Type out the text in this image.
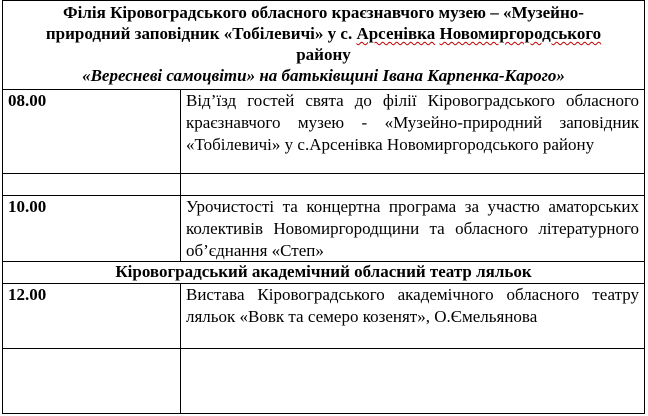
Філія Кіровоградського обласного краєзнавчого музею – «Музейно-
природний заповідник «Тобілевичі» у с. Арсенівка Новомиргородського
району
«Вересневі самоцвіти» на батьківщині Івана Карпенка-Карого»
08.00	Від’їзд гостей свята до філії Кіровоградського обласного краєзнавчого музею - «Музейно-природний заповідник «Тобілевичі» у с.Арсенівка Новомиргородського району
10.00	Урочистості та концертна програма за участю аматорських колективів Новомиргородщини та обласного літературного об’єднання «Степ»
Кіровоградський академічний обласний театр ляльок
12.00	Вистава Кіровоградського академічного обласного театру ляльок «Вовк та семеро козенят», О.Ємельянова
